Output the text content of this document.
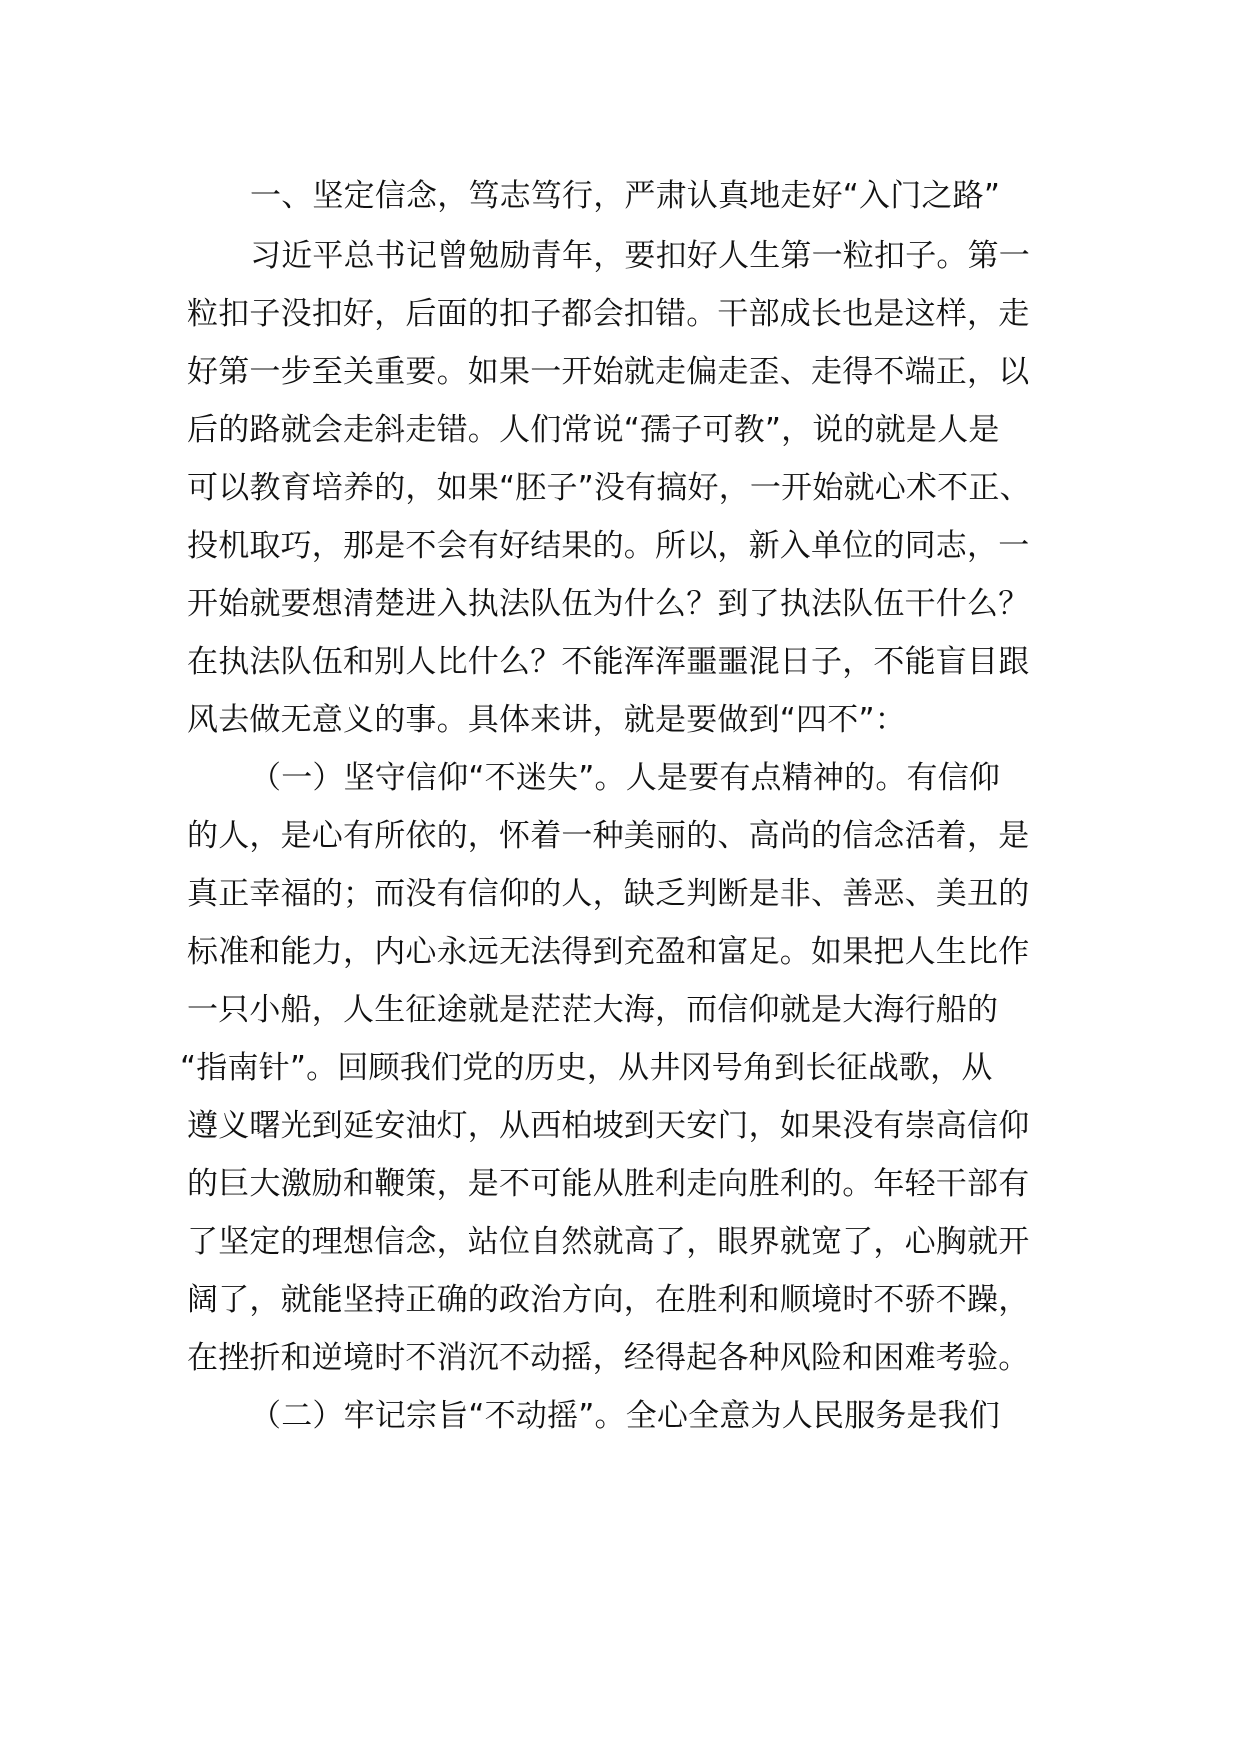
一、坚定信念，笃志笃行，严肃认真地走好“入门之路”
习近平总书记曾勉励青年，要扣好人生第一粒扣子。第一
粒扣子没扣好，后面的扣子都会扣错。干部成长也是这样，走
好第一步至关重要。如果一开始就走偏走歪、走得不端正，以
后的路就会走斜走错。人们常说“孺子可教”，说的就是人是
可以教育培养的，如果“胚子”没有搞好，一开始就心术不正、
投机取巧，那是不会有好结果的。所以，新入单位的同志，一
开始就要想清楚进入执法队伍为什么？到了执法队伍干什么？
在执法队伍和别人比什么？不能浑浑噩噩混日子，不能盲目跟
风去做无意义的事。具体来讲，就是要做到“四不”：
（一）坚守信仰“不迷失”。人是要有点精神的。有信仰
的人，是心有所依的，怀着一种美丽的、高尚的信念活着，是
真正幸福的；而没有信仰的人，缺乏判断是非、善恶、美丑的
标准和能力，内心永远无法得到充盈和富足。如果把人生比作
一只小船，人生征途就是茫茫大海，而信仰就是大海行船的
“指南针”。回顾我们党的历史，从井冈号角到长征战歌，从
遵义曙光到延安油灯，从西柏坡到天安门，如果没有崇高信仰
的巨大激励和鞭策，是不可能从胜利走向胜利的。年轻干部有
了坚定的理想信念，站位自然就高了，眼界就宽了，心胸就开
阔了，就能坚持正确的政治方向，在胜利和顺境时不骄不躁，
在挫折和逆境时不消沉不动摇，经得起各种风险和困难考验。
（二）牢记宗旨“不动摇”。全心全意为人民服务是我们
